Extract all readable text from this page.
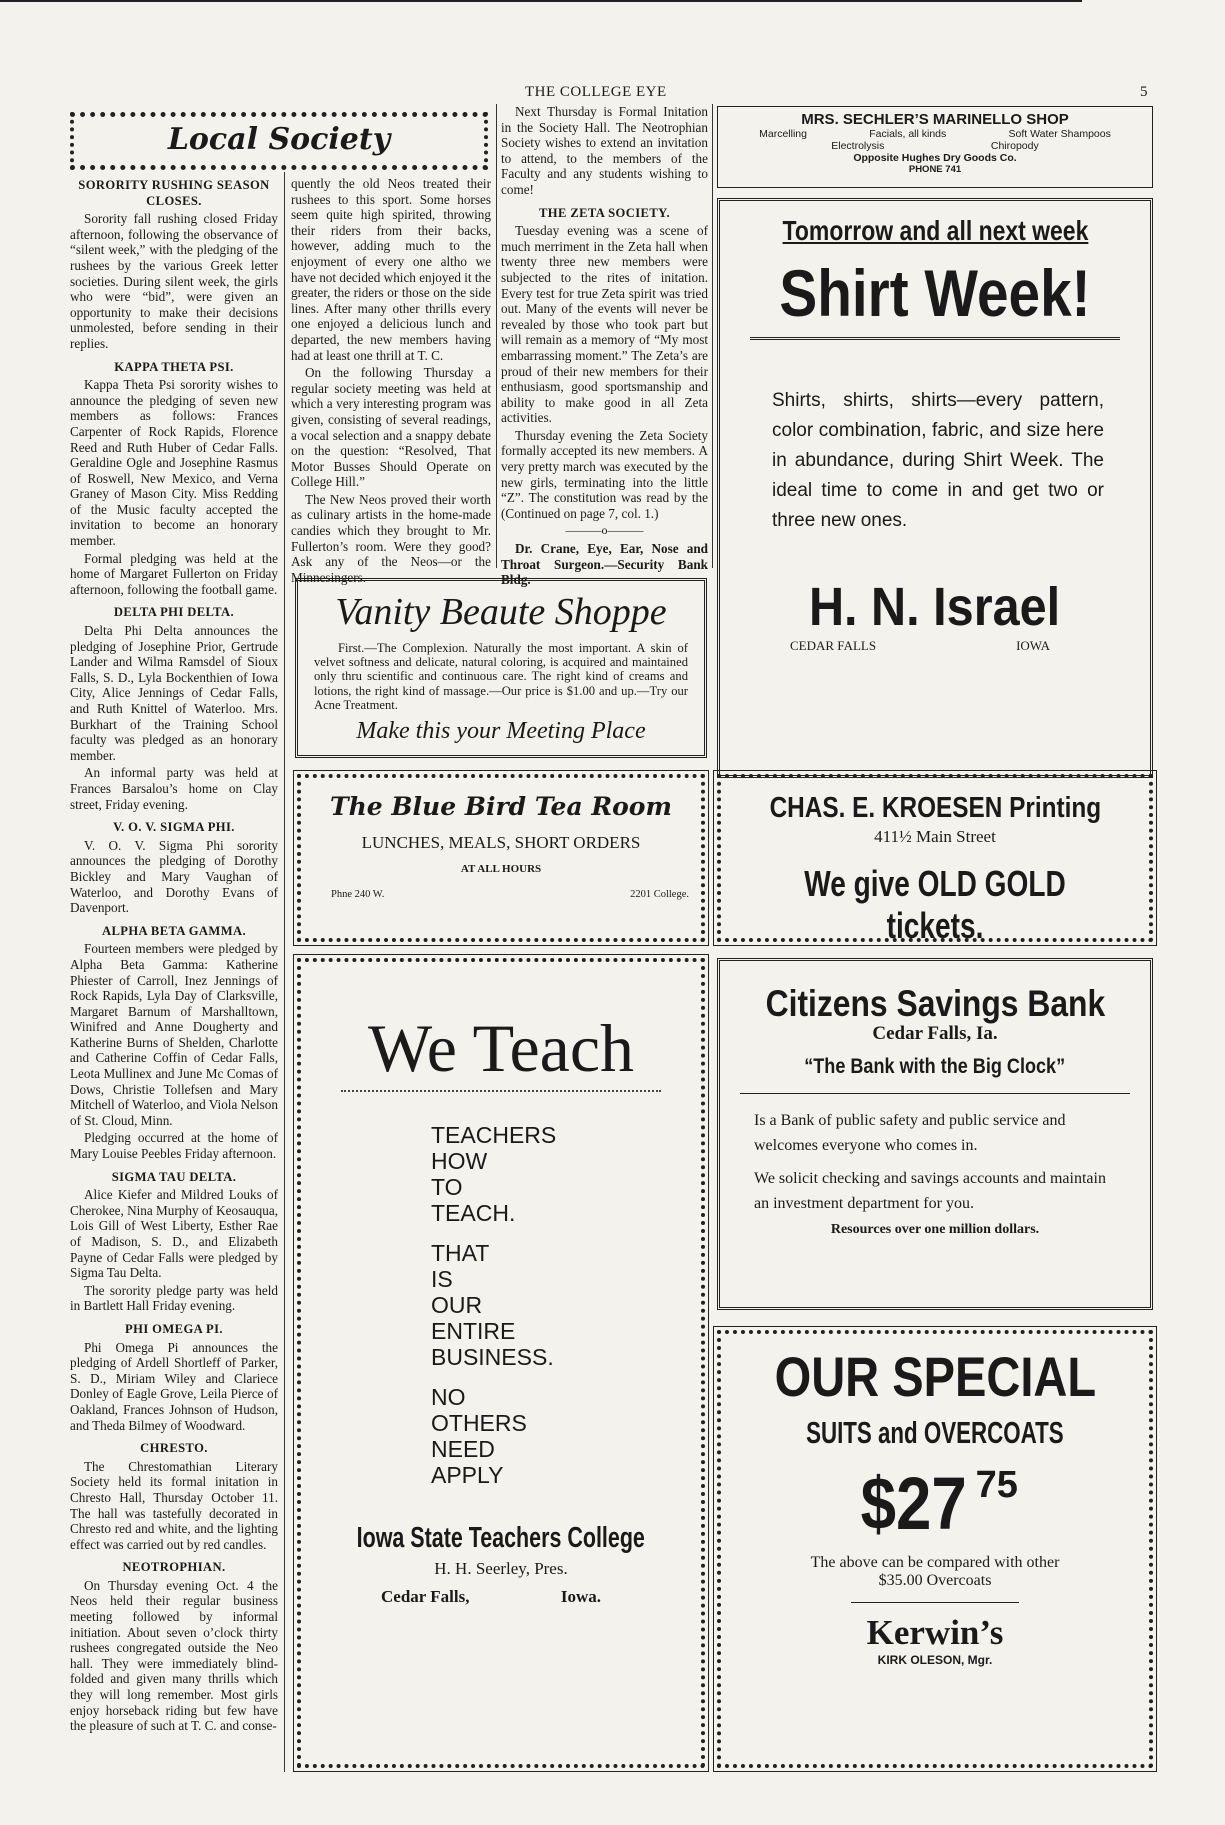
THE COLLEGE EYE	5
Local Society
SORORITY RUSHING SEASON CLOSES.

Sorority fall rushing closed Friday afternoon, following the observance of “silent week,” with the pledging of the rushees by the various Greek letter societies. During silent week, the girls who were “bid”, were given an opportunity to make their decisions unmolested, before sending in their replies.

KAPPA THETA PSI.

Kappa Theta Psi sorority wishes to announce the pledging of seven new members as follows: Frances Carpenter of Rock Rapids, Florence Reed and Ruth Huber of Cedar Falls. Geraldine Ogle and Josephine Rasmus of Roswell, New Mexico, and Verna Graney of Mason City. Miss Redding of the Music faculty accepted the invitation to become an honorary member.

Formal pledging was held at the home of Margaret Fullerton on Friday afternoon, following the football game.

DELTA PHI DELTA.

Delta Phi Delta announces the pledging of Josephine Prior, Gertrude Lander and Wilma Ramsdel of Sioux Falls, S. D., Lyla Bockenthien of Iowa City, Alice Jennings of Cedar Falls, and Ruth Knittel of Waterloo. Mrs. Burkhart of the Training School faculty was pledged as an honorary member.

An informal party was held at Frances Barsalou’s home on Clay street, Friday evening.

V. O. V. SIGMA PHI.

V. O. V. Sigma Phi sorority announces the pledging of Dorothy Bickley and Mary Vaughan of Waterloo, and Dorothy Evans of Davenport.

ALPHA BETA GAMMA.

Fourteen members were pledged by Alpha Beta Gamma: Katherine Phiester of Carroll, Inez Jennings of Rock Rapids, Lyla Day of Clarksville, Margaret Barnum of Marshalltown, Winifred and Anne Dougherty and Katherine Burns of Shelden, Charlotte and Catherine Coffin of Cedar Falls, Leota Mullinex and June Mc Comas of Dows, Christie Tollefsen and Mary Mitchell of Waterloo, and Viola Nelson of St. Cloud, Minn.

Pledging occurred at the home of Mary Louise Peebles Friday afternoon.

SIGMA TAU DELTA.

Alice Kiefer and Mildred Louks of Cherokee, Nina Murphy of Keosauqua, Lois Gill of West Liberty, Esther Rae of Madison, S. D., and Elizabeth Payne of Cedar Falls were pledged by Sigma Tau Delta.

The sorority pledge party was held in Bartlett Hall Friday evening.

PHI OMEGA PI.

Phi Omega Pi announces the pledging of Ardell Shortleff of Parker, S. D., Miriam Wiley and Clariece Donley of Eagle Grove, Leila Pierce of Oakland, Frances Johnson of Hudson, and Theda Bilmey of Woodward.

CHRESTO.

The Chrestomathian Literary Society held its formal initation in Chresto Hall, Thursday October 11. The hall was tastefully decorated in Chresto red and white, and the lighting effect was carried out by red candles.

NEOTROPHIAN.

On Thursday evening Oct. 4 the Neos held their regular business meeting followed by informal initiation. About seven o’clock thirty rushees congregated outside the Neo hall. They were immediately blind-folded and given many thrills which they will long remember. Most girls enjoy horseback riding but few have the pleasure of such at T. C. and conse-

quently the old Neos treated their rushees to this sport. Some horses seem quite high spirited, throwing their riders from their backs, however, adding much to the enjoyment of every one altho we have not decided which enjoyed it the greater, the riders or those on the side lines. After many other thrills every one enjoyed a delicious lunch and departed, the new members having had at least one thrill at T. C.

On the following Thursday a regular society meeting was held at which a very interesting program was given, consisting of several readings, a vocal selection and a snappy debate on the question: “Resolved, That Motor Busses Should Operate on College Hill.”

The New Neos proved their worth as culinary artists in the home-made candies which they brought to Mr. Fullerton’s room. Were they good? Ask any of the Neos—or the Minnesingers.

Next Thursday is Formal Initation in the Society Hall. The Neotrophian Society wishes to extend an invitation to attend, to the members of the Faculty and any students wishing to come!

THE ZETA SOCIETY.

Tuesday evening was a scene of much merriment in the Zeta hall when twenty three new members were subjected to the rites of initation. Every test for true Zeta spirit was tried out. Many of the events will never be revealed by those who took part but will remain as a memory of “My most embarrassing moment.” The Zeta’s are proud of their new members for their enthusiasm, good sportsmanship and ability to make good in all Zeta activities.

Thursday evening the Zeta Society formally accepted its new members. A very pretty march was executed by the new girls, terminating into the little “Z”. The constitution was read by the (Continued on page 7, col. 1.)

———o———

Dr. Crane, Eye, Ear, Nose and Throat Surgeon.—Security Bank Bldg.

MRS. SECHLER’S MARINELLO SHOP
Marcelling	Facials, all kinds	Soft Water Shampoos
Electrolysis	Chiropody
Opposite Hughes Dry Goods Co.
PHONE 741
Tomorrow and all next week
Shirt Week!
Shirts, shirts, shirts—every pattern, color combination, fabric, and size here in abundance, during Shirt Week. The ideal time to come in and get two or three new ones.
H. N. Israel
CEDAR FALLS	IOWA
Vanity Beaute Shoppe
First.—The Complexion. Naturally the most important. A skin of velvet softness and delicate, natural coloring, is acquired and maintained only thru scientific and continuous care. The right kind of creams and lotions, the right kind of massage.—Our price is $1.00 and up.—Try our Acne Treatment.
Make this your Meeting Place
The Blue Bird Tea Room
LUNCHES, MEALS, SHORT ORDERS
AT ALL HOURS
Phne 240 W.	2201 College.
CHAS. E. KROESEN Printing
411½ Main Street
We give OLD GOLD tickets.
We Teach
TEACHERS
HOW
TO
TEACH.
THAT
IS
OUR
ENTIRE
BUSINESS.
NO
OTHERS
NEED
APPLY
Iowa State Teachers College
H. H. Seerley, Pres.
Cedar Falls,	Iowa.
Citizens Savings Bank
Cedar Falls, Ia.
“The Bank with the Big Clock”
Is a Bank of public safety and public service and welcomes everyone who comes in.
We solicit checking and savings accounts and maintain an investment department for you.
Resources over one million dollars.
OUR SPECIAL
SUITS and OVERCOATS
$27 75
The above can be compared with other
$35.00 Overcoats
Kerwin’s
KIRK OLESON, Mgr.
